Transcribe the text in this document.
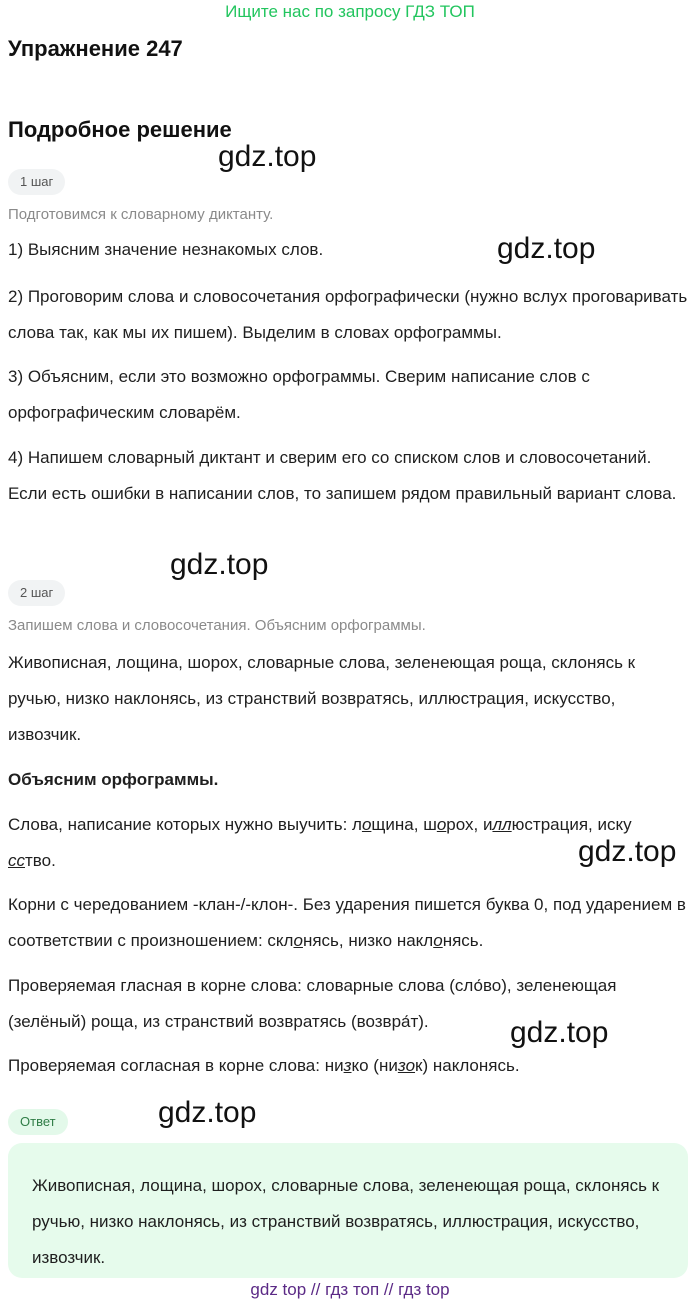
Ищите нас по запросу ГДЗ ТОП
Упражнение 247
Подробное решение
gdz.top
gdz.top
gdz.top
gdz.top
gdz.top
gdz.top
1 шаг
Подготовимся к словарному диктанту.
1) Выясним значение незнакомых слов.
2) Проговорим слова и словосочетания орфографически (нужно вслух проговаривать слова так, как мы их пишем). Выделим в словах орфограммы.
3) Объясним, если это возможно орфограммы. Сверим написание слов с орфографическим словарём.
4) Напишем словарный диктант и сверим его со списком слов и словосочетаний. Если есть ошибки в написании слов, то запишем рядом правильный вариант слова.
2 шаг
Запишем слова и словосочетания. Объясним орфограммы.
Живописная, лощина, шорох, словарные слова, зеленеющая роща, склонясь к ручью, низко наклонясь, из странствий возвратясь, иллюстрация, искусство, извозчик.
Объясним орфограммы.
Слова, написание которых нужно выучить: лощина, шорох, иллюстрация, иску
сство.
Корни с чередованием -клан-/-клон-. Без ударения пишется буква 0, под ударением в соответствии с произношением: склонясь, низко наклонясь.
Проверяемая гласная в корне слова: словарные слова (сло́во), зеленеющая (зелёный) роща, из странствий возвратясь (возвра́т).
Проверяемая согласная в корне слова: низко (низок) наклонясь.
Ответ
Живописная, лощина, шорох, словарные слова, зеленеющая роща, склонясь к ручью, низко наклонясь, из странствий возвратясь, иллюстрация, искусство, извозчик.
gdz top // гдз топ // гдз top
